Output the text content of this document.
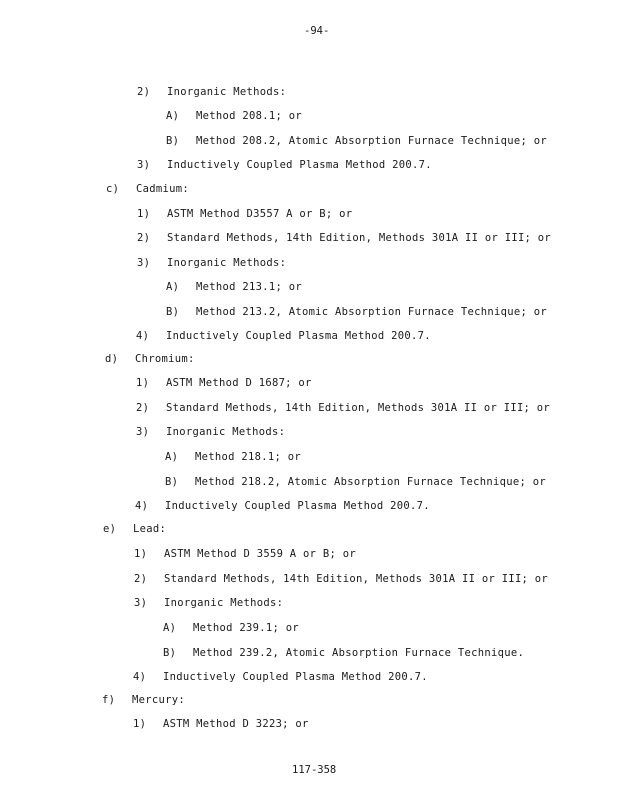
-94-
2) Inorganic Methods:
A) Method 208.1; or
B) Method 208.2, Atomic Absorption Furnace Technique; or
3) Inductively Coupled Plasma Method 200.7.
c) Cadmium:
1) ASTM Method D3557 A or B; or
2) Standard Methods, 14th Edition, Methods 301A II or III; or
3) Inorganic Methods:
A) Method 213.1; or
B) Method 213.2, Atomic Absorption Furnace Technique; or
4) Inductively Coupled Plasma Method 200.7.
d) Chromium:
1) ASTM Method D 1687; or
2) Standard Methods, 14th Edition, Methods 301A II or III; or
3) Inorganic Methods:
A) Method 218.1; or
B) Method 218.2, Atomic Absorption Furnace Technique; or
4) Inductively Coupled Plasma Method 200.7.
e) Lead:
1) ASTM Method D 3559 A or B; or
2) Standard Methods, 14th Edition, Methods 301A II or III; or
3) Inorganic Methods:
A) Method 239.1; or
B) Method 239.2, Atomic Absorption Furnace Technique.
4) Inductively Coupled Plasma Method 200.7.
f) Mercury:
1) ASTM Method D 3223; or
117-358
